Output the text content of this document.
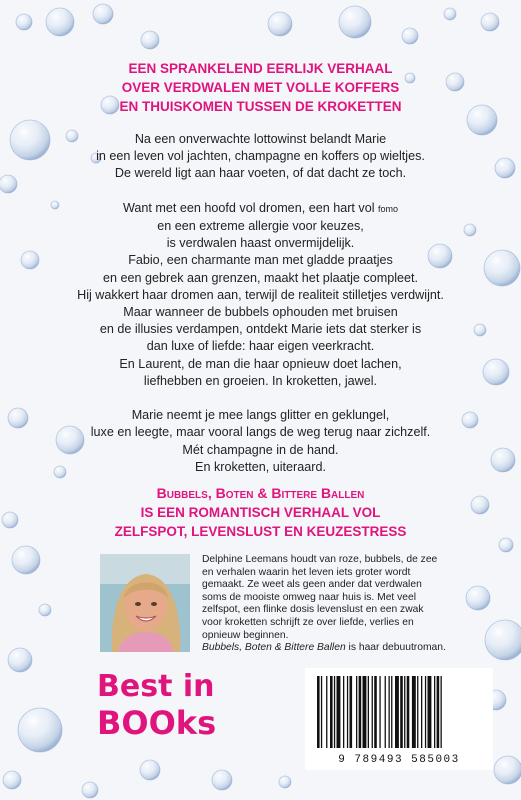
EEN SPRANKELEND EERLIJK VERHAAL
OVER VERDWALEN MET VOLLE KOFFERS
EN THUISKOMEN TUSSEN DE KROKETTEN
Na een onverwachte lottowinst belandt Marie
in een leven vol jachten, champagne en koffers op wieltjes.
De wereld ligt aan haar voeten, of dat dacht ze toch.
Want met een hoofd vol dromen, een hart vol fomo
en een extreme allergie voor keuzes,
is verdwalen haast onvermijdelijk.
Fabio, een charmante man met gladde praatjes
en een gebrek aan grenzen, maakt het plaatje compleet.
Hij wakkert haar dromen aan, terwijl de realiteit stilletjes verdwijnt.
Maar wanneer de bubbels ophouden met bruisen
en de illusies verdampen, ontdekt Marie iets dat sterker is
dan luxe of liefde: haar eigen veerkracht.
En Laurent, de man die haar opnieuw doet lachen,
liefhebben en groeien. In kroketten, jawel.
Marie neemt je mee langs glitter en geklungel,
luxe en leegte, maar vooral langs de weg terug naar zichzelf.
Mét champagne in de hand.
En kroketten, uiteraard.
Bubbels, Boten & Bittere Ballen
IS EEN ROMANTISCH VERHAAL VOL
ZELFSPOT, LEVENSLUST EN KEUZESTRESS
Delphine Leemans houdt van roze, bubbels, de zee
en verhalen waarin het leven iets groter wordt
gemaakt. Ze weet als geen ander dat verdwalen
soms de mooiste omweg naar huis is. Met veel
zelfspot, een flinke dosis levenslust en een zwak
voor kroketten schrijft ze over liefde, verlies en
opnieuw beginnen.
Bubbels, Boten & Bittere Ballen is haar debuutroman.
Best in
BOOks
9 789493 585003
